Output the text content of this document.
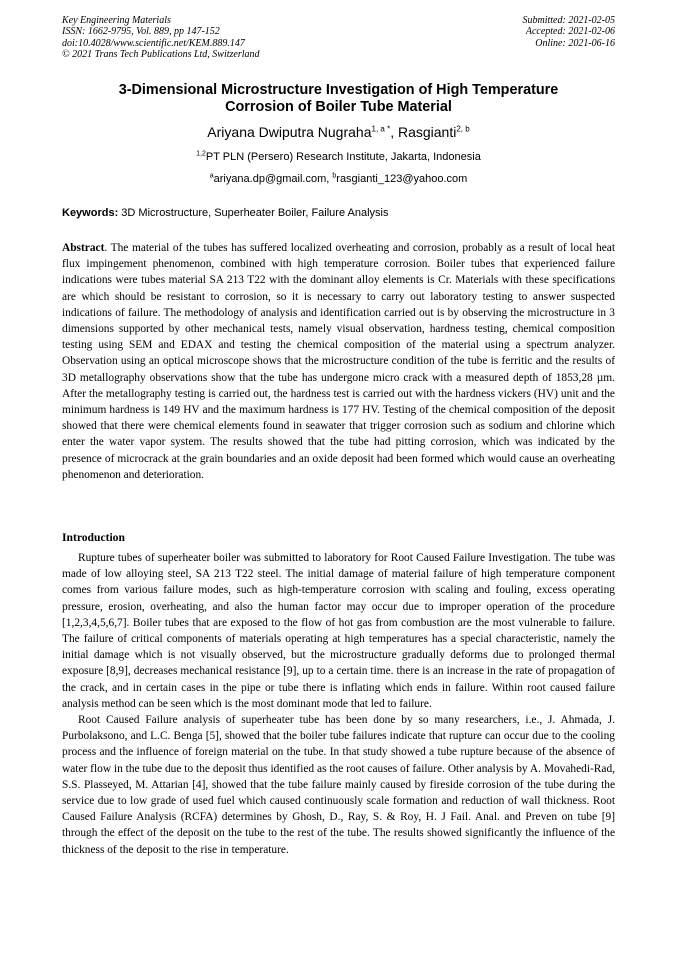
Key Engineering Materials
ISSN: 1662-9795, Vol. 889, pp 147-152
doi:10.4028/www.scientific.net/KEM.889.147
© 2021 Trans Tech Publications Ltd, Switzerland
Submitted: 2021-02-05
Accepted: 2021-02-06
Online: 2021-06-16
3-Dimensional Microstructure Investigation of High Temperature
Corrosion of Boiler Tube Material
Ariyana Dwiputra Nugraha$^{1, a *}$, Rasgianti$^{2, b}$
$^{1,2}$PT PLN (Persero) Research Institute, Jakarta, Indonesia
$^a$ariyana.dp@gmail.com, $^b$rasgianti_123@yahoo.com
Keywords: 3D Microstructure, Superheater Boiler, Failure Analysis
Abstract. The material of the tubes has suffered localized overheating and corrosion, probably as a result of local heat flux impingement phenomenon, combined with high temperature corrosion. Boiler tubes that experienced failure indications were tubes material SA 213 T22 with the dominant alloy elements is Cr. Materials with these specifications are which should be resistant to corrosion, so it is necessary to carry out laboratory testing to answer suspected indications of failure. The methodology of analysis and identification carried out is by observing the microstructure in 3 dimensions supported by other mechanical tests, namely visual observation, hardness testing, chemical composition testing using SEM and EDAX and testing the chemical composition of the material using a spectrum analyzer. Observation using an optical microscope shows that the microstructure condition of the tube is ferritic and the results of 3D metallography observations show that the tube has undergone micro crack with a measured depth of 1853,28 µm. After the metallography testing is carried out, the hardness test is carried out with the hardness vickers (HV) unit and the minimum hardness is 149 HV and the maximum hardness is 177 HV. Testing of the chemical composition of the deposit showed that there were chemical elements found in seawater that trigger corrosion such as sodium and chlorine which enter the water vapor system. The results showed that the tube had pitting corrosion, which was indicated by the presence of microcrack at the grain boundaries and an oxide deposit had been formed which would cause an overheating phenomenon and deterioration.
Introduction

Rupture tubes of superheater boiler was submitted to laboratory for Root Caused Failure Investigation. The tube was made of low alloying steel, SA 213 T22 steel. The initial damage of material failure of high temperature component comes from various failure modes, such as high-temperature corrosion with scaling and fouling, excess operating pressure, erosion, overheating, and also the human factor may occur due to improper operation of the procedure [1,2,3,4,5,6,7]. Boiler tubes that are exposed to the flow of hot gas from combustion are the most vulnerable to failure. The failure of critical components of materials operating at high temperatures has a special characteristic, namely the initial damage which is not visually observed, but the microstructure gradually deforms due to prolonged thermal exposure [8,9], decreases mechanical resistance [9], up to a certain time. there is an increase in the rate of propagation of the crack, and in certain cases in the pipe or tube there is inflating which ends in failure. Within root caused failure analysis method can be seen which is the most dominant mode that led to failure.

Root Caused Failure analysis of superheater tube has been done by so many researchers, i.e., J. Ahmada, J. Purbolaksono, and L.C. Benga [5], showed that the boiler tube failures indicate that rupture can occur due to the cooling process and the influence of foreign material on the tube. In that study showed a tube rupture because of the absence of water flow in the tube due to the deposit thus identified as the root causes of failure. Other analysis by A. Movahedi-Rad, S.S. Plasseyed, M. Attarian [4], showed that the tube failure mainly caused by fireside corrosion of the tube during the service due to low grade of used fuel which caused continuously scale formation and reduction of wall thickness. Root Caused Failure Analysis (RCFA) determines by Ghosh, D., Ray, S. & Roy, H. J Fail. Anal. and Preven on tube [9] through the effect of the deposit on the tube to the rest of the tube. The results showed significantly the influence of the thickness of the deposit to the rise in temperature.
